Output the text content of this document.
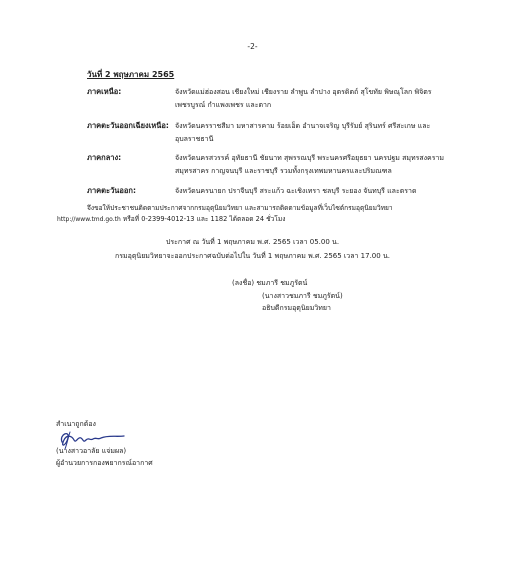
-2-
วันที่ 2 พฤษภาคม 2565
ภาคเหนือ:	จังหวัดแม่ฮ่องสอน เชียงใหม่ เชียงราย ลำพูน ลำปาง อุตรดิตถ์ สุโขทัย พิษณุโลก พิจิตร
เพชรบูรณ์ กำแพงเพชร และตาก
ภาคตะวันออกเฉียงเหนือ: จังหวัดนครราชสีมา มหาสารคาม ร้อยเอ็ด อำนาจเจริญ บุรีรัมย์ สุรินทร์ ศรีสะเกษ และ
อุบลราชธานี
ภาคกลาง:	จังหวัดนครสวรรค์ อุทัยธานี ชัยนาท สุพรรณบุรี พระนครศรีอยุธยา นครปฐม สมุทรสงคราม
สมุทรสาคร กาญจนบุรี และราชบุรี รวมทั้งกรุงเทพมหานครและปริมณฑล
ภาคตะวันออก:	จังหวัดนครนายก ปราจีนบุรี สระแก้ว ฉะเชิงเทรา ชลบุรี ระยอง จันทบุรี และตราด
จึงขอให้ประชาชนติดตามประกาศจากกรมอุตุนิยมวิทยา และสามารถติดตามข้อมูลที่เว็บไซต์กรมอุตุนิยมวิทยา
http://www.tmd.go.th หรือที่ 0-2399-4012-13 และ 1182 ได้ตลอด 24 ชั่วโมง
ประกาศ ณ วันที่ 1 พฤษภาคม พ.ศ. 2565 เวลา 05.00 น.
กรมอุตุนิยมวิทยาจะออกประกาศฉบับต่อไปใน วันที่ 1 พฤษภาคม พ.ศ. 2565 เวลา 17.00 น.
(ลงชื่อ) ชมภารี ชมภูรัตน์
(นางสาวชมภารี ชมภูรัตน์)
อธิบดีกรมอุตุนิยมวิทยา
สำเนาถูกต้อง
(นางสาวอาลัย แจ่มผล)
ผู้อำนวยการกองพยากรณ์อากาศ
